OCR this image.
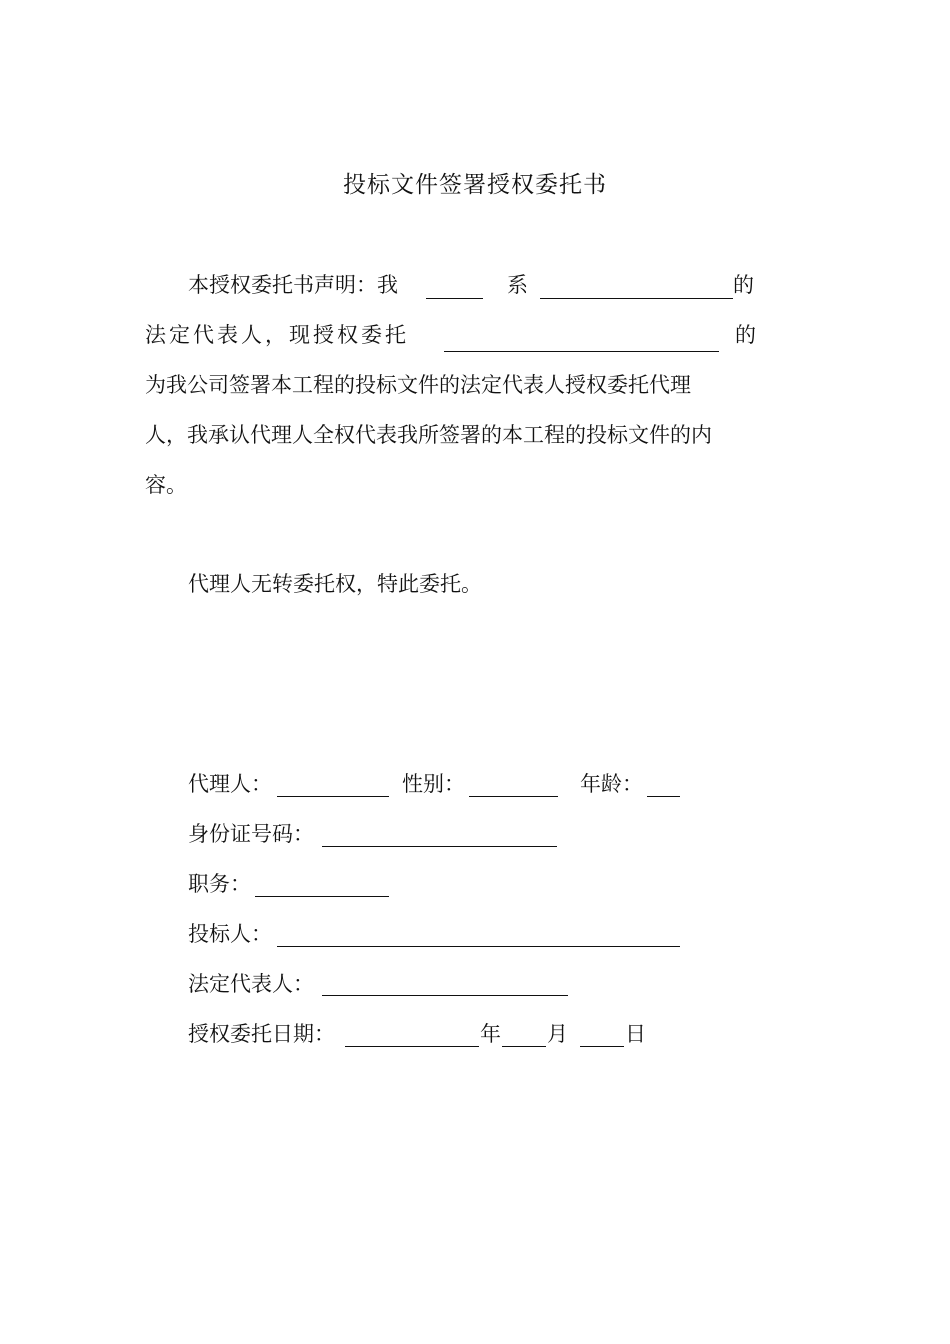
投标文件签署授权委托书
本授权委托书声明：我	系	的
法定代表人，现授权委托	的
为我公司签署本工程的投标文件的法定代表人授权委托代理
人，我承认代理人全权代表我所签署的本工程的投标文件的内
容。
代理人无转委托权，特此委托。
代理人：	性别：	年龄：
身份证号码：
职务：
投标人：
法定代表人：
授权委托日期：	年 月	日
